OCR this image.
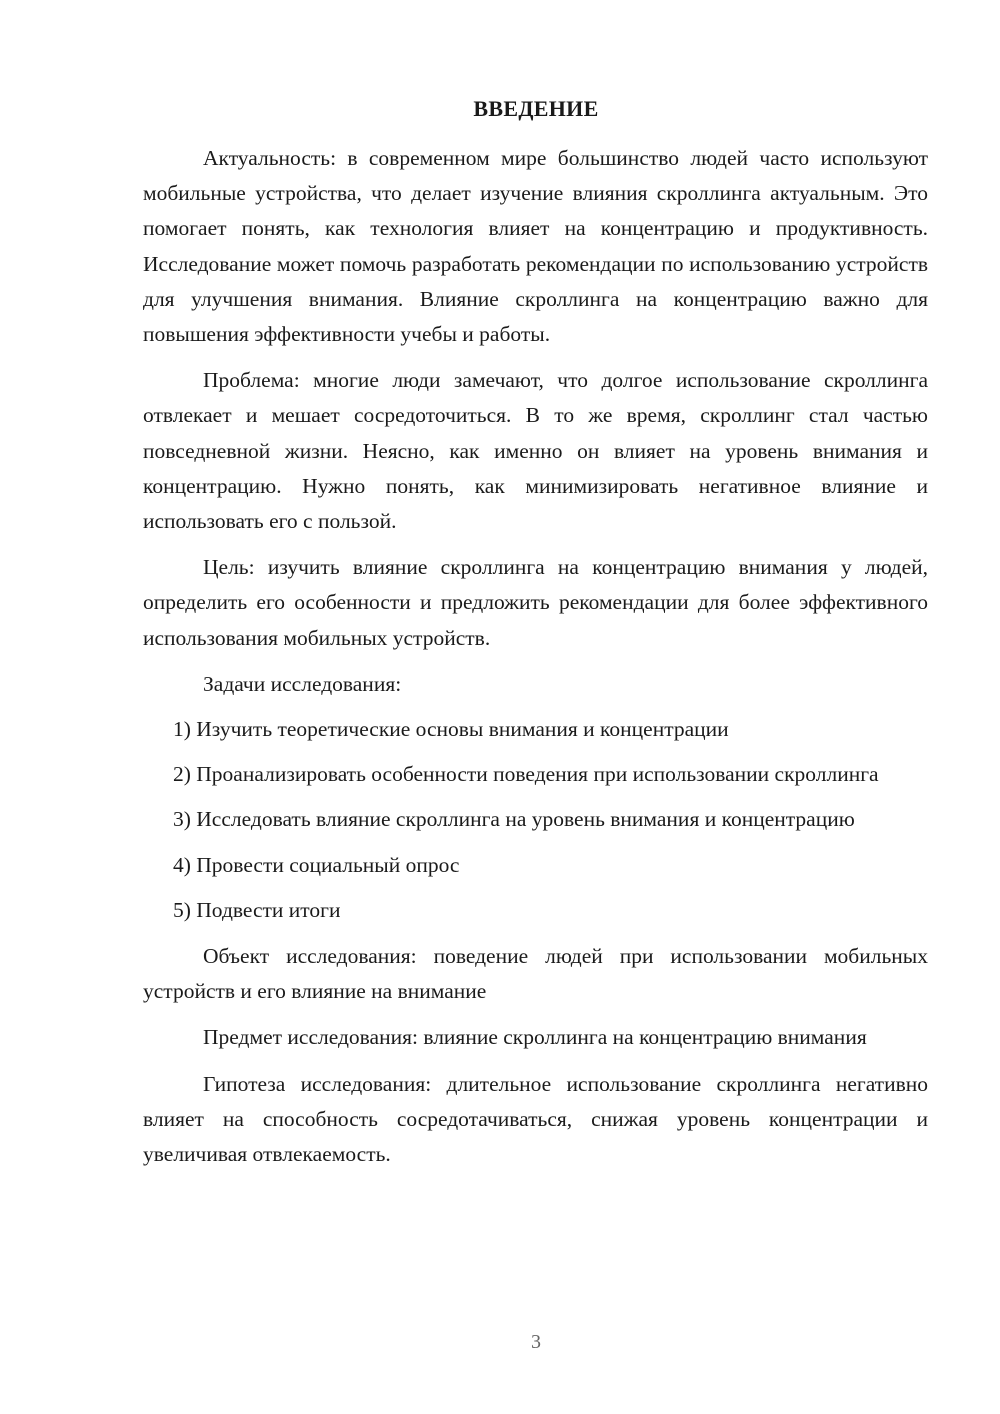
ВВЕДЕНИЕ

Актуальность: в современном мире большинство людей часто используют мобильные устройства, что делает изучение влияния скроллинга актуальным. Это помогает понять, как технология влияет на концентрацию и продуктивность. Исследование может помочь разработать рекомендации по использованию устройств для улучшения внимания. Влияние скроллинга на концентрацию важно для повышения эффективности учебы и работы.

Проблема: многие люди замечают, что долгое использование скроллинга отвлекает и мешает сосредоточиться. В то же время, скроллинг стал частью повседневной жизни. Неясно, как именно он влияет на уровень внимания и концентрацию. Нужно понять, как минимизировать негативное влияние и использовать его с пользой.

Цель: изучить влияние скроллинга на концентрацию внимания у людей, определить его особенности и предложить рекомендации для более эффективного использования мобильных устройств.

Задачи исследования:

1) Изучить теоретические основы внимания и концентрации

2) Проанализировать особенности поведения при использовании скроллинга

3) Исследовать влияние скроллинга на уровень внимания и концентрацию

4) Провести социальный опрос

5) Подвести итоги

Объект исследования: поведение людей при использовании мобильных устройств и его влияние на внимание

Предмет исследования: влияние скроллинга на концентрацию внимания

Гипотеза исследования: длительное использование скроллинга негативно влияет на способность сосредотачиваться, снижая уровень концентрации и увеличивая отвлекаемость.

3
